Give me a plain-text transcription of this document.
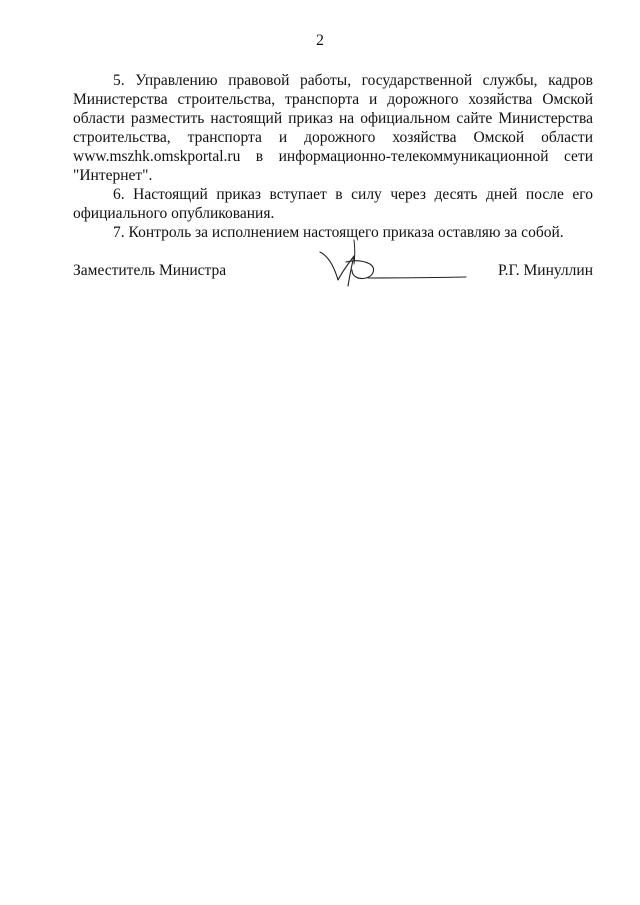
2

5. Управлению правовой работы, государственной службы, кадров Министерства строительства, транспорта и дорожного хозяйства Омской области разместить настоящий приказ на официальном сайте Министерства строительства, транспорта и дорожного хозяйства Омской области www.mszhk.omskportal.ru в информационно-телекоммуникационной сети "Интернет".

6. Настоящий приказ вступает в силу через десять дней после его официального опубликования.

7. Контроль за исполнением настоящего приказа оставляю за собой.

Заместитель Министра	Р.Г. Минуллин
